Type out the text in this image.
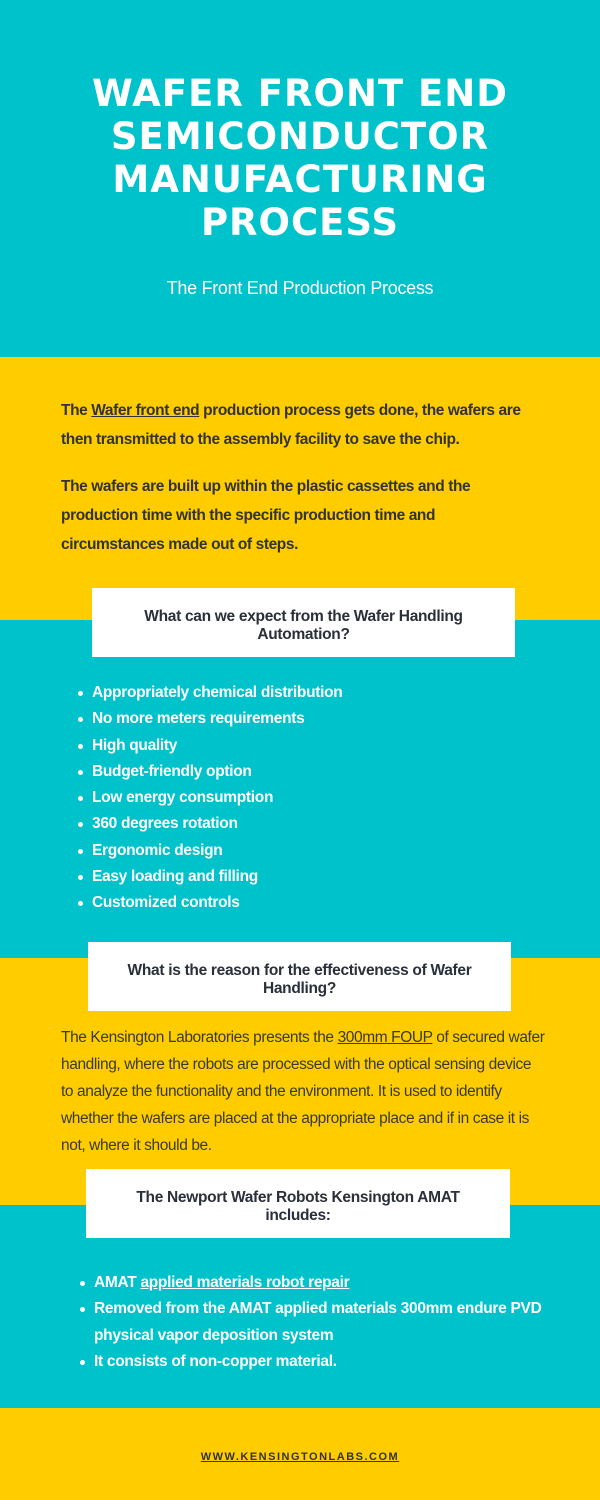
WAFER FRONT END SEMICONDUCTOR MANUFACTURING PROCESS
The Front End Production Process

The Wafer front end production process gets done, the wafers are then transmitted to the assembly facility to save the chip.

The wafers are built up within the plastic cassettes and the production time with the specific production time and circumstances made out of steps.

What can we expect from the Wafer Handling Automation?
Appropriately chemical distribution
No more meters requirements
High quality
Budget-friendly option
Low energy consumption
360 degrees rotation
Ergonomic design
Easy loading and filling
Customized controls
What is the reason for the effectiveness of Wafer Handling?

The Kensington Laboratories presents the 300mm FOUP of secured wafer handling, where the robots are processed with the optical sensing device to analyze the functionality and the environment. It is used to identify whether the wafers are placed at the appropriate place and if in case it is not, where it should be.

The Newport Wafer Robots Kensington AMAT includes:
AMAT applied materials robot repair
Removed from the AMAT applied materials 300mm endure PVD physical vapor deposition system
It consists of non-copper material.
WWW.KENSINGTONLABS.COM
